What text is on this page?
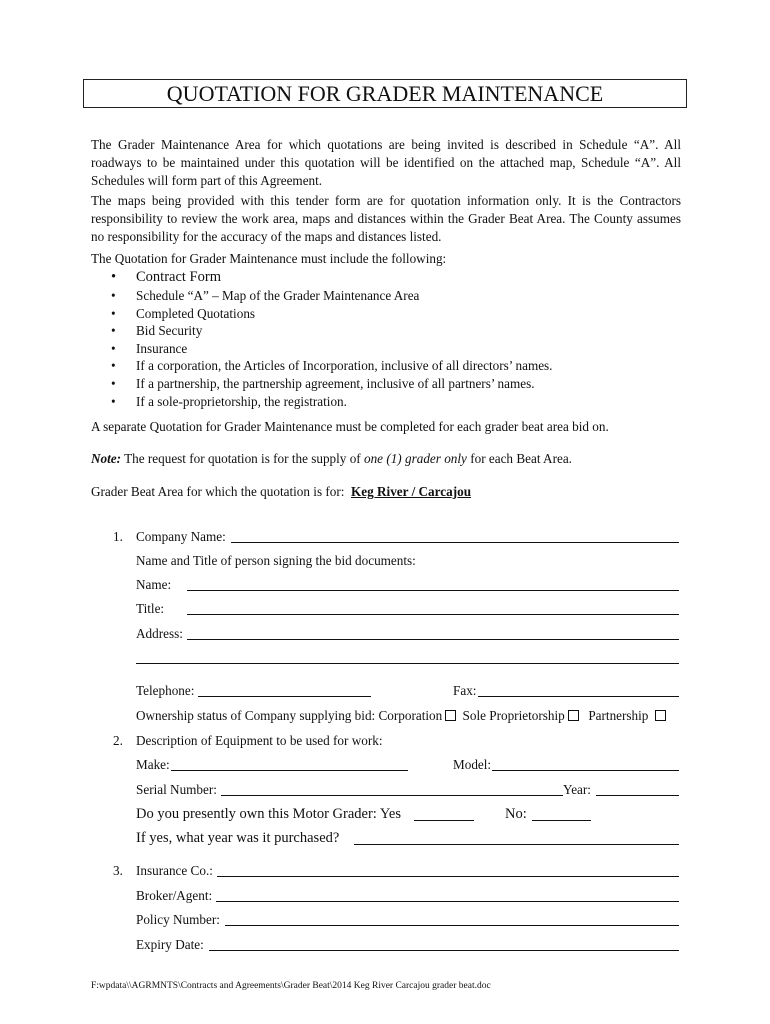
QUOTATION FOR GRADER MAINTENANCE

The Grader Maintenance Area for which quotations are being invited is described in Schedule “A”. All roadways to be maintained under this quotation will be identified on the attached map, Schedule “A”. All Schedules will form part of this Agreement.

The maps being provided with this tender form are for quotation information only. It is the Contractors responsibility to review the work area, maps and distances within the Grader Beat Area. The County assumes no responsibility for the accuracy of the maps and distances listed.

The Quotation for Grader Maintenance must include the following:

• Contract Form
• Schedule “A” – Map of the Grader Maintenance Area
• Completed Quotations
• Bid Security
• Insurance
• If a corporation, the Articles of Incorporation, inclusive of all directors’ names.
• If a partnership, the partnership agreement, inclusive of all partners’ names.
• If a sole-proprietorship, the registration.
A separate Quotation for Grader Maintenance must be completed for each grader beat area bid on.
Note: The request for quotation is for the supply of one (1) grader only for each Beat Area.
Grader Beat Area for which the quotation is for: Keg River / Carcajou
1. Company Name:
Name and Title of person signing the bid documents:
Name:
Title:
Address:
Telephone:	Fax:
Ownership status of Company supplying bid: Corporation Sole Proprietorship Partnership
2. Description of Equipment to be used for work:
Make:	Model:
Serial Number:	Year:
Do you presently own this Motor Grader: Yes	No:
If yes, what year was it purchased?
3. Insurance Co.:
Broker/Agent:
Policy Number:
Expiry Date:
F:wpdata\\AGRMNTS\Contracts and Agreements\Grader Beat\2014 Keg River Carcajou grader beat.doc
